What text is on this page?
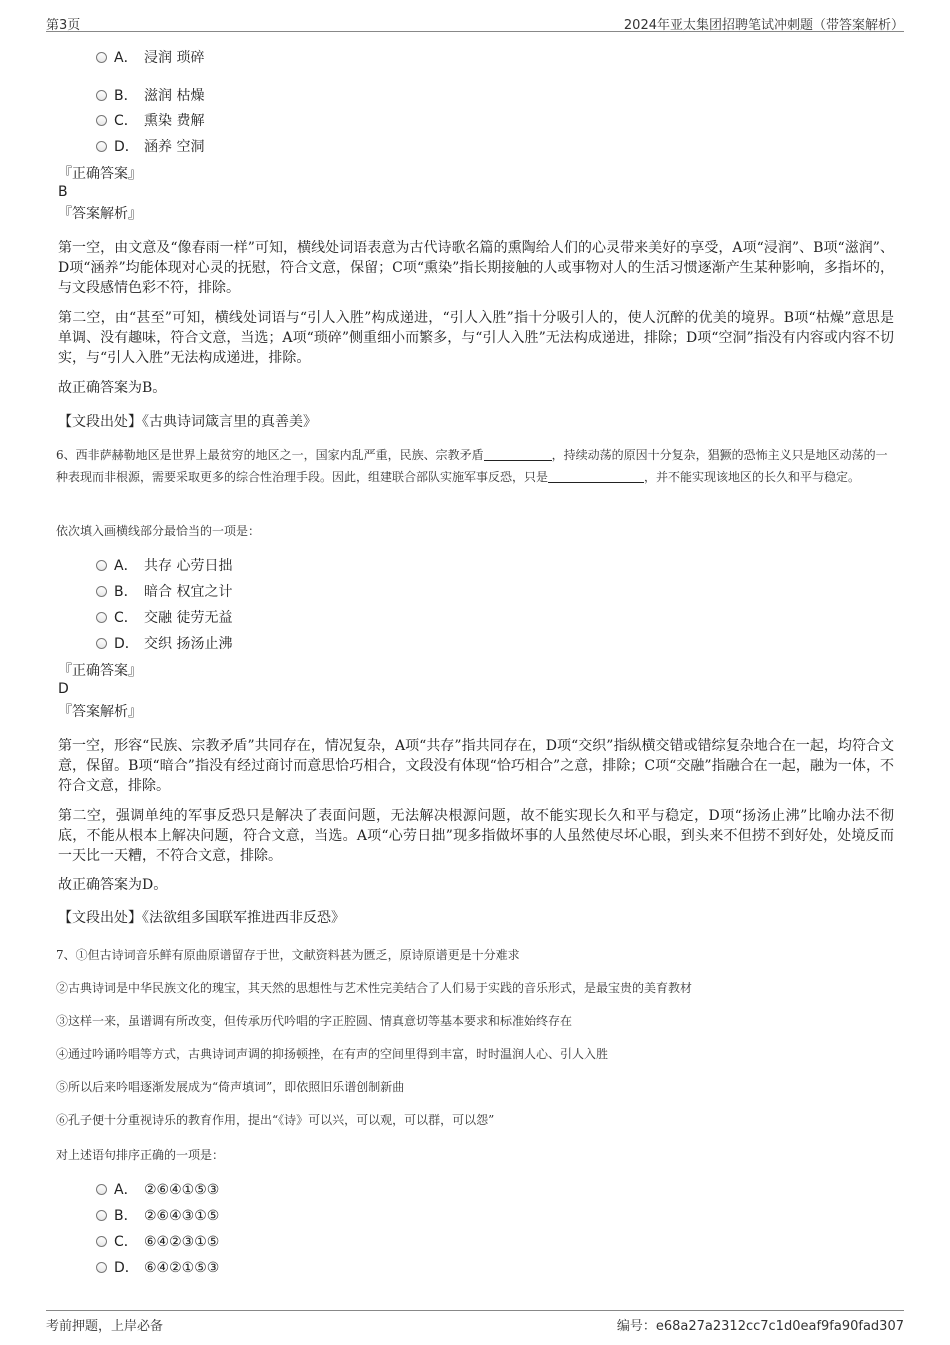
第3页	2024年亚太集团招聘笔试冲刺题（带答案解析）
A． 浸润 琐碎
B． 滋润 枯燥
C． 熏染 费解
D． 涵养 空洞
『正确答案』
B
『答案解析』
第一空，由文意及“像春雨一样”可知，横线处词语表意为古代诗歌名篇的熏陶给人们的心灵带来美好的享受，A项“浸润”、B项“滋润”、D项“涵养”均能体现对心灵的抚慰，符合文意，保留；C项“熏染”指长期接触的人或事物对人的生活习惯逐渐产生某种影响，多指坏的，与文段感情色彩不符，排除。
第二空，由“甚至”可知，横线处词语与“引人入胜”构成递进，“引人入胜”指十分吸引人的，使人沉醉的优美的境界。B项“枯燥”意思是单调、没有趣味，符合文意，当选；A项“琐碎”侧重细小而繁多，与“引人入胜”无法构成递进，排除；D项“空洞”指没有内容或内容不切实，与“引人入胜”无法构成递进，排除。
故正确答案为B。
【文段出处】《古典诗词箴言里的真善美》
6、西非萨赫勒地区是世界上最贫穷的地区之一，国家内乱严重，民族、宗教矛盾	，持续动荡的原因十分复杂，猖獗的恐怖主义只是地区动荡的一种表现而非根源，需要采取更多的综合性治理手段。因此，组建联合部队实施军事反恐，只是	，并不能实现该地区的长久和平与稳定。
依次填入画横线部分最恰当的一项是：
A． 共存 心劳日拙
B． 暗合 权宜之计
C． 交融 徒劳无益
D． 交织 扬汤止沸
『正确答案』
D
『答案解析』
第一空，形容“民族、宗教矛盾”共同存在，情况复杂，A项“共存”指共同存在，D项“交织”指纵横交错或错综复杂地合在一起，均符合文意，保留。B项“暗合”指没有经过商讨而意思恰巧相合，文段没有体现“恰巧相合”之意，排除；C项“交融”指融合在一起，融为一体，不符合文意，排除。
第二空，强调单纯的军事反恐只是解决了表面问题，无法解决根源问题，故不能实现长久和平与稳定，D项“扬汤止沸”比喻办法不彻底，不能从根本上解决问题，符合文意，当选。A项“心劳日拙”现多指做坏事的人虽然使尽坏心眼，到头来不但捞不到好处，处境反而一天比一天糟，不符合文意，排除。
故正确答案为D。
【文段出处】《法欲组多国联军推进西非反恐》
7、①但古诗词音乐鲜有原曲原谱留存于世，文献资料甚为匮乏，原诗原谱更是十分难求
②古典诗词是中华民族文化的瑰宝，其天然的思想性与艺术性完美结合了人们易于实践的音乐形式，是最宝贵的美育教材
③这样一来，虽谱调有所改变，但传承历代吟唱的字正腔圆、情真意切等基本要求和标准始终存在
④通过吟诵吟唱等方式，古典诗词声调的抑扬顿挫，在有声的空间里得到丰富，时时温润人心、引人入胜
⑤所以后来吟唱逐渐发展成为“倚声填词”，即依照旧乐谱创制新曲
⑥孔子便十分重视诗乐的教育作用，提出“《诗》可以兴，可以观，可以群，可以怨”
对上述语句排序正确的一项是：
A． ②⑥④①⑤③
B． ②⑥④③①⑤
C． ⑥④②③①⑤
D． ⑥④②①⑤③
考前押题，上岸必备	编号：e68a27a2312cc7c1d0eaf9fa90fad307
